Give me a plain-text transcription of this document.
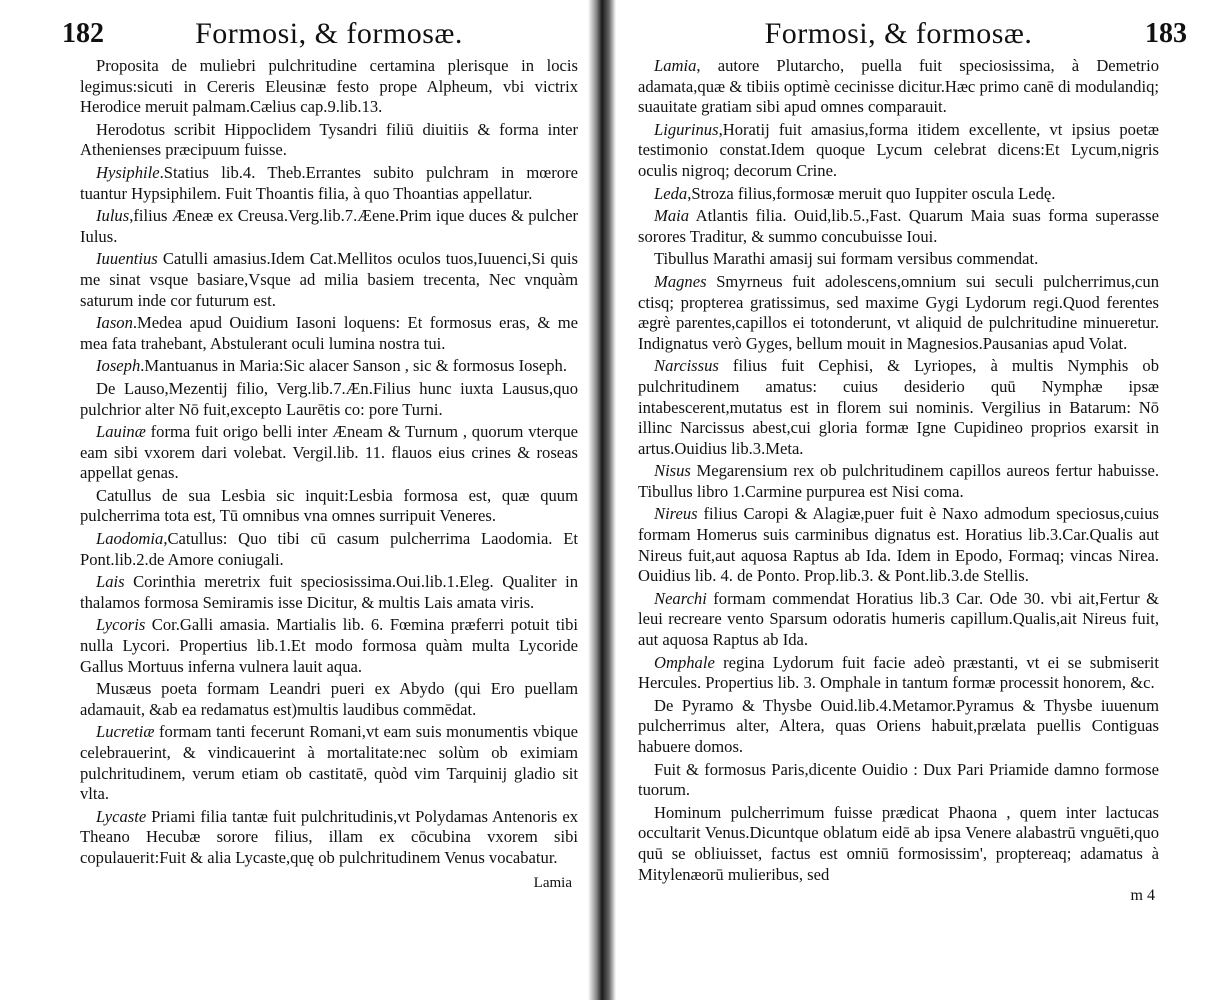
182	Formosi, & formosæ.

Proposita de muliebri pulchritudine certamina plerisque in locis legimus:sicuti in Cereris Eleusinæ festo prope Alpheum, vbi victrix Herodice meruit palmam.Cælius cap.9.lib.13.

Herodotus scribit Hippoclidem Tysandri filiū diuitiis & forma inter Athenienses præcipuum fuisse.

Hysiphile.Statius lib.4. Theb.Errantes subito pulchram in mœrore tuantur Hypsiphilem. Fuit Thoantis filia, à quo Thoantias appellatur.

Iulus,filius Æneæ ex Creusa.Verg.lib.7.Æene.Prim ique duces & pulcher Iulus.

Iuuentius Catulli amasius.Idem Cat.Mellitos oculos tuos,Iuuenci,Si quis me sinat vsque basiare,Vsque ad milia basiem trecenta, Nec vnquàm saturum inde cor futurum est.

Iason.Medea apud Ouidium Iasoni loquens: Et formosus eras, & me mea fata trahebant, Abstulerant oculi lumina nostra tui.

Ioseph.Mantuanus in Maria:Sic alacer Sanson , sic & formosus Ioseph.

De Lauso,Mezentij filio, Verg.lib.7.Æn.Filius hunc iuxta Lausus,quo pulchrior alter Nō fuit,excepto Laurētis co: pore Turni.

Lauinæ forma fuit origo belli inter Æneam & Turnum , quorum vterque eam sibi vxorem dari volebat. Vergil.lib. 11. flauos eius crines & roseas appellat genas.

Catullus de sua Lesbia sic inquit:Lesbia formosa est, quæ quum pulcherrima tota est, Tū omnibus vna omnes surripuit Veneres.

Laodomia,Catullus: Quo tibi cū casum pulcherrima Laodomia. Et Pont.lib.2.de Amore coniugali.

Lais Corinthia meretrix fuit speciosissima.Oui.lib.1.Eleg. Qualiter in thalamos formosa Semiramis isse Dicitur, & multis Lais amata viris.

Lycoris Cor.Galli amasia. Martialis lib. 6. Fœmina præferri potuit tibi nulla Lycori. Propertius lib.1.Et modo formosa quàm multa Lycoride Gallus Mortuus inferna vulnera lauit aqua.

Musæus poeta formam Leandri pueri ex Abydo (qui Ero puellam adamauit, &ab ea redamatus est)multis laudibus commēdat.

Lucretiæ formam tanti fecerunt Romani,vt eam suis monumentis vbique celebrauerint, & vindicauerint à mortalitate:nec solùm ob eximiam pulchritudinem, verum etiam ob castitatē, quòd vim Tarquinij gladio sit vlta.

Lycaste Priami filia tantæ fuit pulchritudinis,vt Polydamas Antenoris ex Theano Hecubæ sorore filius, illam ex cōcubina vxorem sibi copulauerit:Fuit & alia Lycaste,quę ob pulchritudinem Venus vocabatur.

Lamia
Formosi, & formosæ.	183

Lamia, autore Plutarcho, puella fuit speciosissima, à Demetrio adamata,quæ & tibiis optimè cecinisse dicitur.Hæc primo canē di modulandiq; suauitate gratiam sibi apud omnes comparauit.

Ligurinus,Horatij fuit amasius,forma itidem excellente, vt ipsius poetæ testimonio constat.Idem quoque Lycum celebrat dicens:Et Lycum,nigris oculis nigroq; decorum Crine.

Leda,Stroza filius,formosæ meruit quo Iuppiter oscula Ledę.

Maia Atlantis filia. Ouid,lib.5.,Fast. Quarum Maia suas forma superasse sorores Traditur, & summo concubuisse Ioui.

Tibullus Marathi amasij sui formam versibus commendat.

Magnes Smyrneus fuit adolescens,omnium sui seculi pulcherrimus,cun ctisq; propterea gratissimus, sed maxime Gygi Lydorum regi.Quod ferentes ægrè parentes,capillos ei totonderunt, vt aliquid de pulchritudine minueretur. Indignatus verò Gyges, bellum mouit in Magnesios.Pausanias apud Volat.

Narcissus filius fuit Cephisi, & Lyriopes, à multis Nymphis ob pulchritudinem amatus: cuius desiderio quū Nymphæ ipsæ intabescerent,mutatus est in florem sui nominis. Vergilius in Batarum: Nō illinc Narcissus abest,cui gloria formæ Igne Cupidineo proprios exarsit in artus.Ouidius lib.3.Meta.

Nisus Megarensium rex ob pulchritudinem capillos aureos fertur habuisse. Tibullus libro 1.Carmine purpurea est Nisi coma.

Nireus filius Caropi & Alagiæ,puer fuit è Naxo admodum speciosus,cuius formam Homerus suis carminibus dignatus est. Horatius lib.3.Car.Qualis aut Nireus fuit,aut aquosa Raptus ab Ida. Idem in Epodo, Formaq; vincas Nirea. Ouidius lib. 4. de Ponto. Prop.lib.3. & Pont.lib.3.de Stellis.

Nearchi formam commendat Horatius lib.3 Car. Ode 30. vbi ait,Fertur & leui recreare vento Sparsum odoratis humeris capillum.Qualis,ait Nireus fuit, aut aquosa Raptus ab Ida.

Omphale regina Lydorum fuit facie adeò præstanti, vt ei se submiserit Hercules. Propertius lib. 3. Omphale in tantum formæ processit honorem, &c.

De Pyramo & Thysbe Ouid.lib.4.Metamor.Pyramus & Thysbe iuuenum pulcherrimus alter, Altera, quas Oriens habuit,prælata puellis Contiguas habuere domos.

Fuit & formosus Paris,dicente Ouidio : Dux Pari Priamide damno formose tuorum.

Hominum pulcherrimum fuisse prædicat Phaona , quem inter lactucas occultarit Venus.Dicuntque oblatum eidē ab ipsa Venere alabastrū vnguēti,quo quū se obliuisset, factus est omniū formosissim', proptereaq; adamatus à Mitylenæorū mulieribus, sed

m 4
